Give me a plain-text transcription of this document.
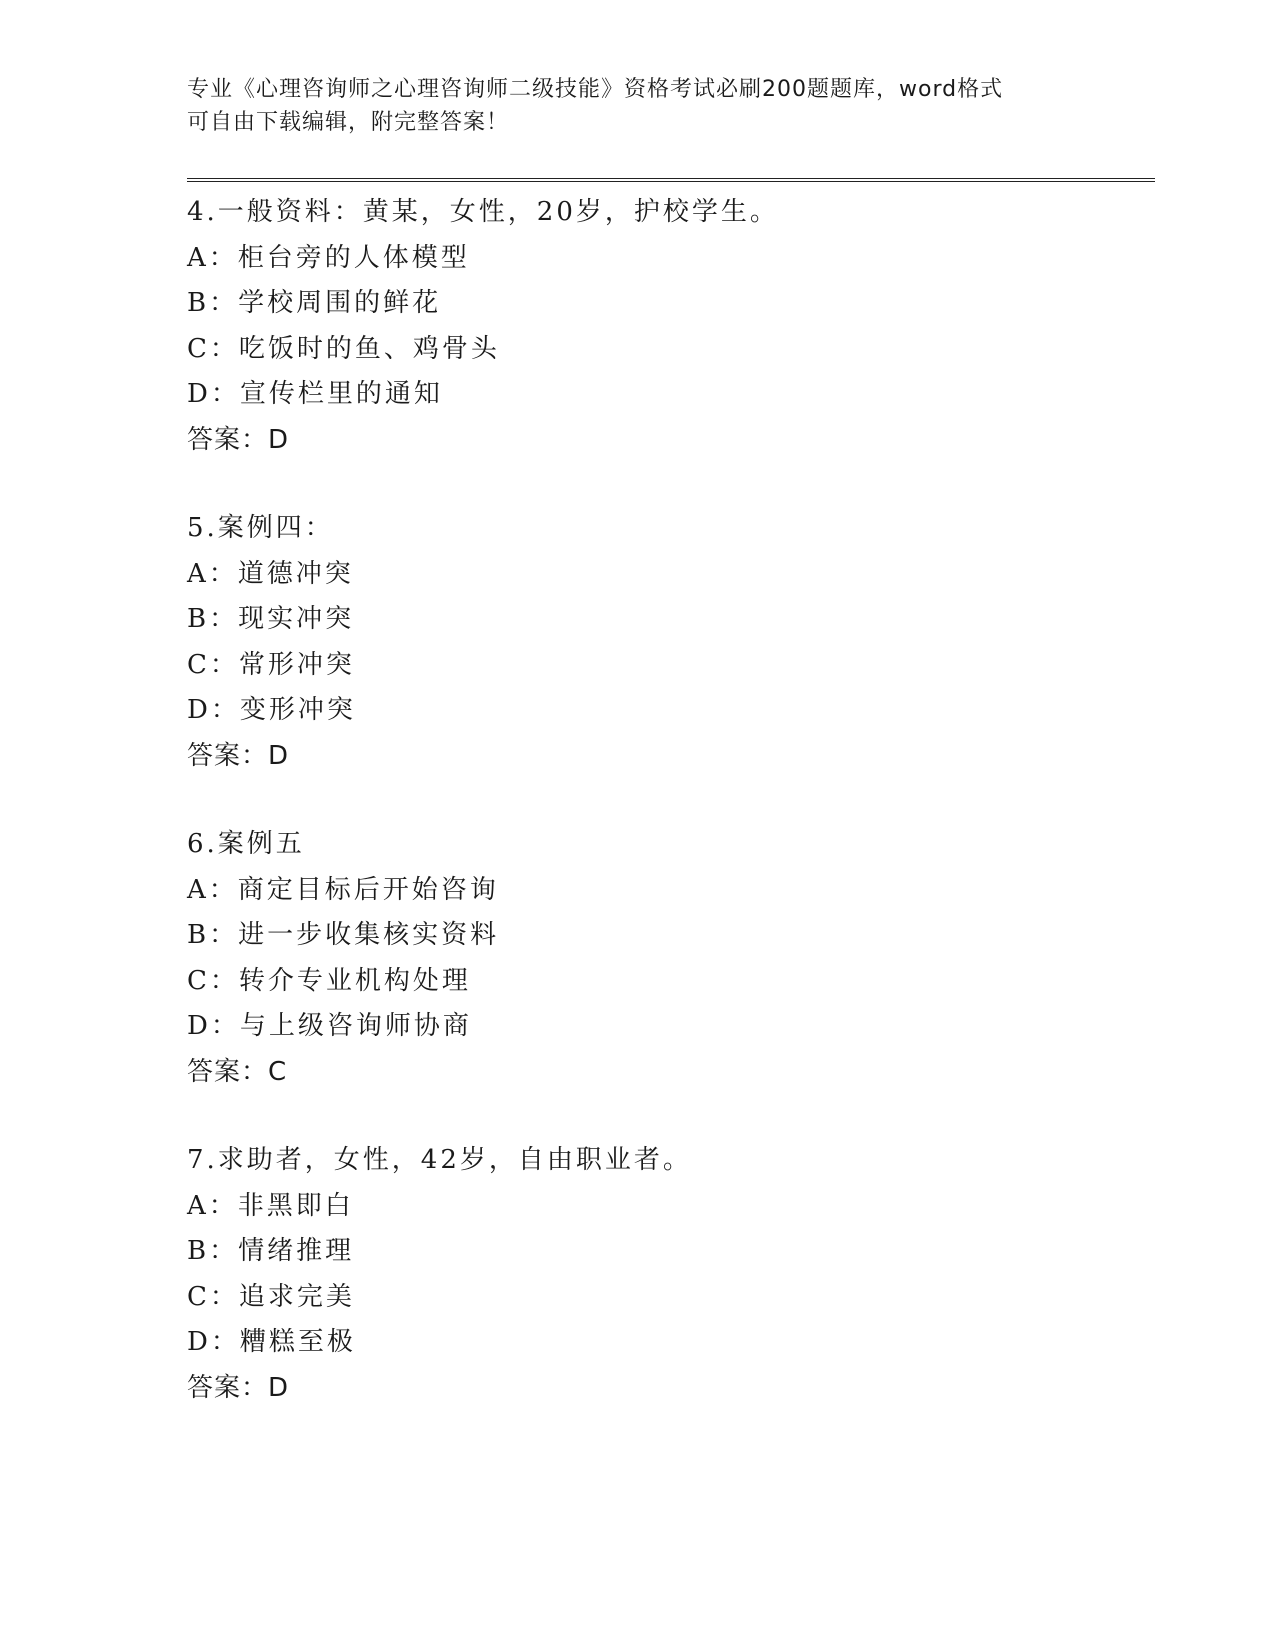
专业《心理咨询师之心理咨询师二级技能》资格考试必刷200题题库，word格式
可自由下载编辑，附完整答案！
4.一般资料：黄某，女性，20岁，护校学生。
A：柜台旁的人体模型
B：学校周围的鲜花
C：吃饭时的鱼、鸡骨头
D：宣传栏里的通知
答案：D
5.案例四：
A：道德冲突
B：现实冲突
C：常形冲突
D：变形冲突
答案：D
6.案例五
A：商定目标后开始咨询
B：进一步收集核实资料
C：转介专业机构处理
D：与上级咨询师协商
答案：C
7.求助者，女性，42岁，自由职业者。
A：非黑即白
B：情绪推理
C：追求完美
D：糟糕至极
答案：D
